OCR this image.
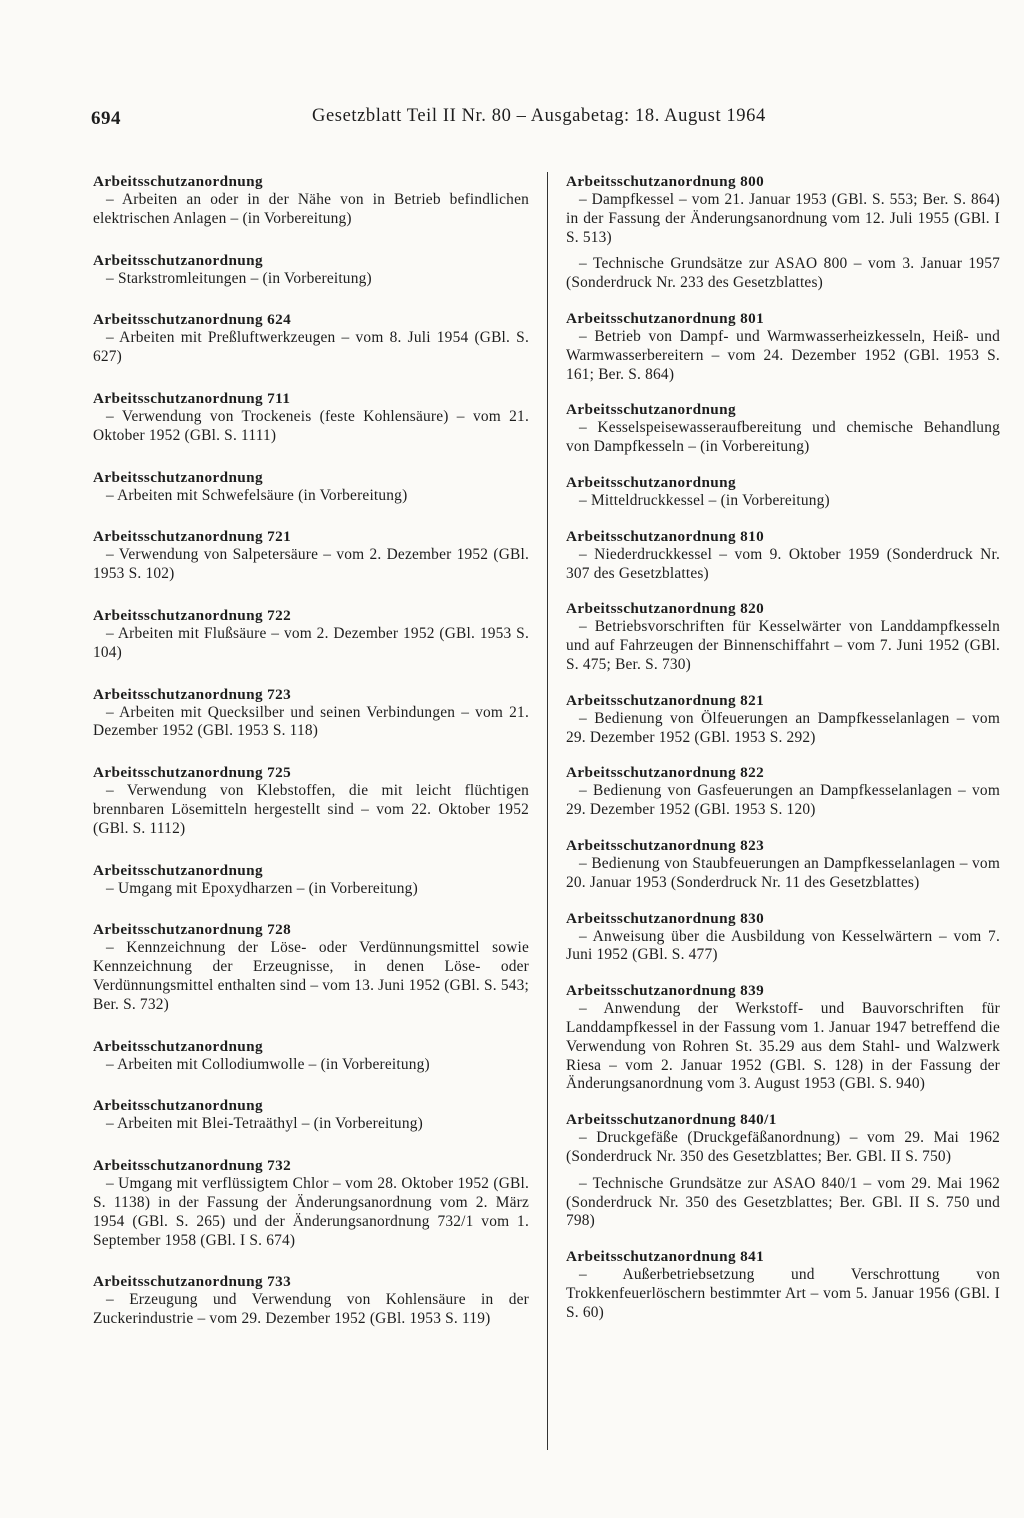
694	Gesetzblatt Teil II Nr. 80 – Ausgabetag: 18. August 1964

Arbeitsschutzanordnung

– Arbeiten an oder in der Nähe von in Betrieb befindlichen elektrischen Anlagen – (in Vorbereitung)

Arbeitsschutzanordnung

– Starkstromleitungen – (in Vorbereitung)

Arbeitsschutzanordnung 624

– Arbeiten mit Preßluftwerkzeugen – vom 8. Juli 1954 (GBl. S. 627)

Arbeitsschutzanordnung 711

– Verwendung von Trockeneis (feste Kohlensäure) – vom 21. Oktober 1952 (GBl. S. 1111)

Arbeitsschutzanordnung

– Arbeiten mit Schwefelsäure (in Vorbereitung)

Arbeitsschutzanordnung 721

– Verwendung von Salpetersäure – vom 2. Dezember 1952 (GBl. 1953 S. 102)

Arbeitsschutzanordnung 722

– Arbeiten mit Flußsäure – vom 2. Dezember 1952 (GBl. 1953 S. 104)

Arbeitsschutzanordnung 723

– Arbeiten mit Quecksilber und seinen Verbindungen – vom 21. Dezember 1952 (GBl. 1953 S. 118)

Arbeitsschutzanordnung 725

– Verwendung von Klebstoffen, die mit leicht flüchtigen brennbaren Lösemitteln hergestellt sind – vom 22. Oktober 1952 (GBl. S. 1112)

Arbeitsschutzanordnung

– Umgang mit Epoxydharzen – (in Vorbereitung)

Arbeitsschutzanordnung 728

– Kennzeichnung der Löse- oder Verdünnungsmittel sowie Kennzeichnung der Erzeugnisse, in denen Löse- oder Verdünnungsmittel enthalten sind – vom 13. Juni 1952 (GBl. S. 543; Ber. S. 732)

Arbeitsschutzanordnung

– Arbeiten mit Collodiumwolle – (in Vorbereitung)

Arbeitsschutzanordnung

– Arbeiten mit Blei-Tetraäthyl – (in Vorbereitung)

Arbeitsschutzanordnung 732

– Umgang mit verflüssigtem Chlor – vom 28. Oktober 1952 (GBl. S. 1138) in der Fassung der Änderungsanordnung vom 2. März 1954 (GBl. S. 265) und der Änderungsanordnung 732/1 vom 1. September 1958 (GBl. I S. 674)

Arbeitsschutzanordnung 733

– Erzeugung und Verwendung von Kohlensäure in der Zuckerindustrie – vom 29. Dezember 1952 (GBl. 1953 S. 119)

Arbeitsschutzanordnung 800

– Dampfkessel – vom 21. Januar 1953 (GBl. S. 553; Ber. S. 864) in der Fassung der Änderungsanordnung vom 12. Juli 1955 (GBl. I S. 513)

– Technische Grundsätze zur ASAO 800 – vom 3. Januar 1957 (Sonderdruck Nr. 233 des Gesetzblattes)

Arbeitsschutzanordnung 801

– Betrieb von Dampf- und Warmwasserheizkesseln, Heiß- und Warmwasserbereitern – vom 24. Dezember 1952 (GBl. 1953 S. 161; Ber. S. 864)

Arbeitsschutzanordnung

– Kesselspeisewasseraufbereitung und chemische Behandlung von Dampfkesseln – (in Vorbereitung)

Arbeitsschutzanordnung

– Mitteldruckkessel – (in Vorbereitung)

Arbeitsschutzanordnung 810

– Niederdruckkessel – vom 9. Oktober 1959 (Sonderdruck Nr. 307 des Gesetzblattes)

Arbeitsschutzanordnung 820

– Betriebsvorschriften für Kesselwärter von Landdampfkesseln und auf Fahrzeugen der Binnenschiffahrt – vom 7. Juni 1952 (GBl. S. 475; Ber. S. 730)

Arbeitsschutzanordnung 821

– Bedienung von Ölfeuerungen an Dampfkesselanlagen – vom 29. Dezember 1952 (GBl. 1953 S. 292)

Arbeitsschutzanordnung 822

– Bedienung von Gasfeuerungen an Dampfkesselanlagen – vom 29. Dezember 1952 (GBl. 1953 S. 120)

Arbeitsschutzanordnung 823

– Bedienung von Staubfeuerungen an Dampfkesselanlagen – vom 20. Januar 1953 (Sonderdruck Nr. 11 des Gesetzblattes)

Arbeitsschutzanordnung 830

– Anweisung über die Ausbildung von Kesselwärtern – vom 7. Juni 1952 (GBl. S. 477)

Arbeitsschutzanordnung 839

– Anwendung der Werkstoff- und Bauvorschriften für Landdampfkessel in der Fassung vom 1. Januar 1947 betreffend die Verwendung von Rohren St. 35.29 aus dem Stahl- und Walzwerk Riesa – vom 2. Januar 1952 (GBl. S. 128) in der Fassung der Änderungsanordnung vom 3. August 1953 (GBl. S. 940)

Arbeitsschutzanordnung 840/1

– Druckgefäße (Druckgefäßanordnung) – vom 29. Mai 1962 (Sonderdruck Nr. 350 des Gesetzblattes; Ber. GBl. II S. 750)

– Technische Grundsätze zur ASAO 840/1 – vom 29. Mai 1962 (Sonderdruck Nr. 350 des Gesetzblattes; Ber. GBl. II S. 750 und 798)

Arbeitsschutzanordnung 841

– Außerbetriebsetzung und Verschrottung von Trokkenfeuerlöschern bestimmter Art – vom 5. Januar 1956 (GBl. I S. 60)
